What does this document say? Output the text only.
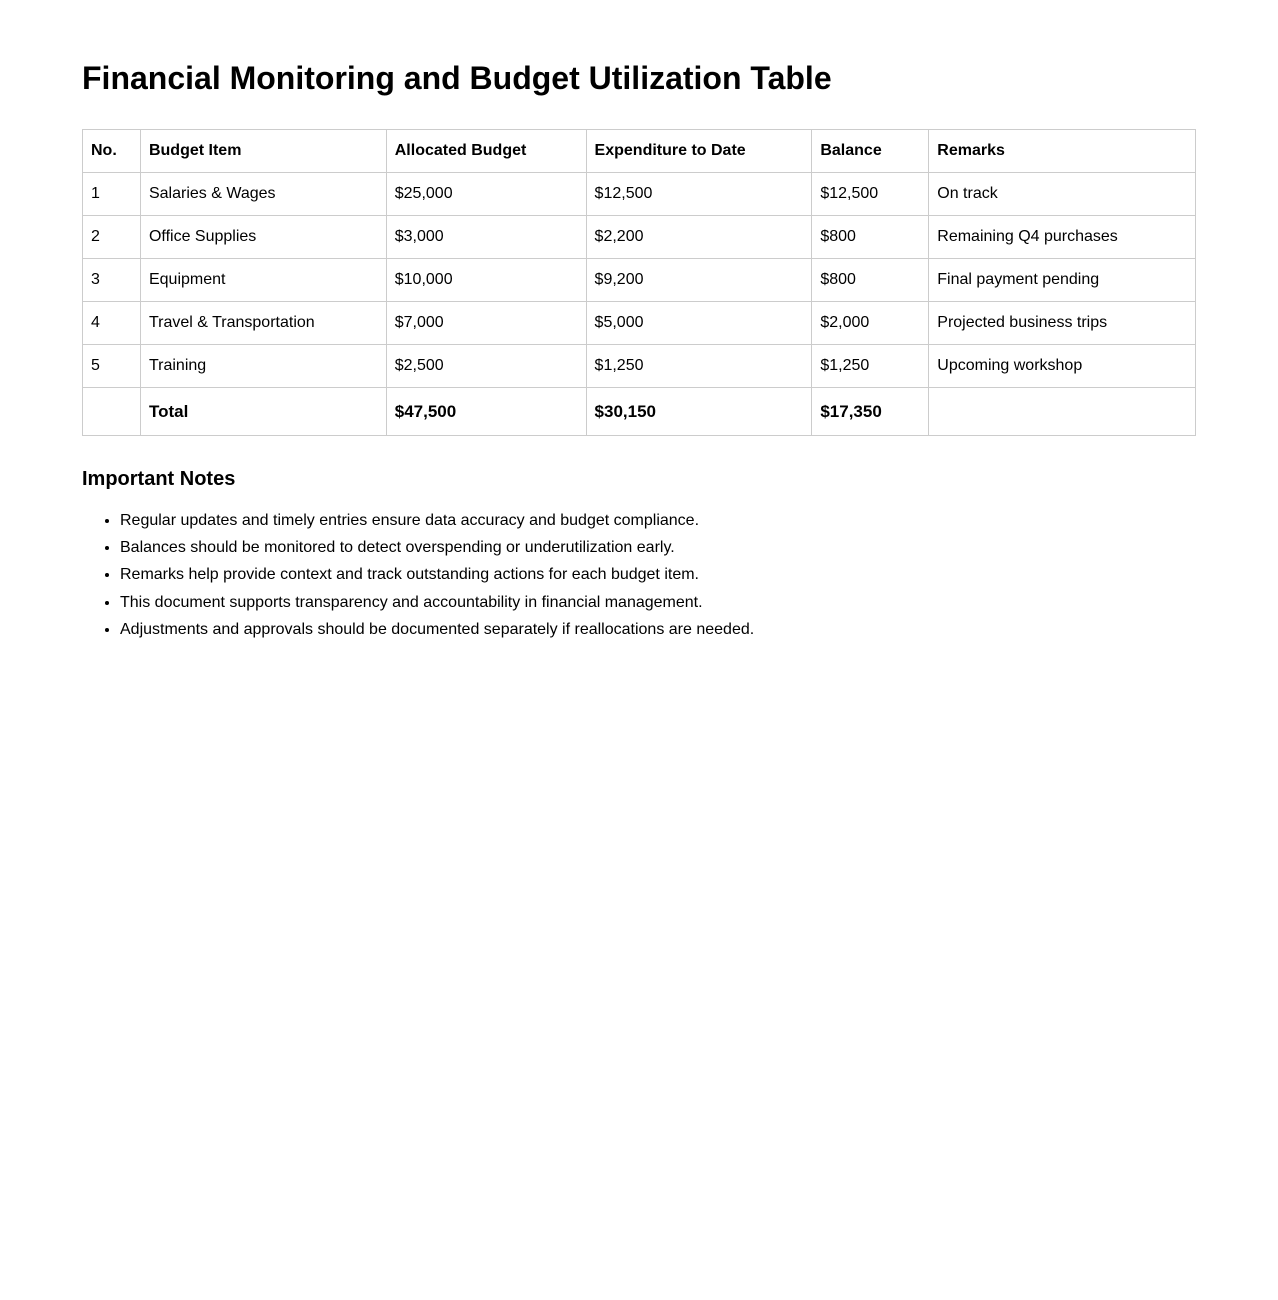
Financial Monitoring and Budget Utilization Table
No.	Budget Item	Allocated Budget	Expenditure to Date	Balance	Remarks
1	Salaries & Wages	$25,000	$12,500	$12,500	On track
2	Office Supplies	$3,000	$2,200	$800	Remaining Q4 purchases
3	Equipment	$10,000	$9,200	$800	Final payment pending
4	Travel & Transportation	$7,000	$5,000	$2,000	Projected business trips
5	Training	$2,500	$1,250	$1,250	Upcoming workshop
	Total	$47,500	$30,150	$17,350	
Important Notes
• Regular updates and timely entries ensure data accuracy and budget compliance.
• Balances should be monitored to detect overspending or underutilization early.
• Remarks help provide context and track outstanding actions for each budget item.
• This document supports transparency and accountability in financial management.
• Adjustments and approvals should be documented separately if reallocations are needed.
